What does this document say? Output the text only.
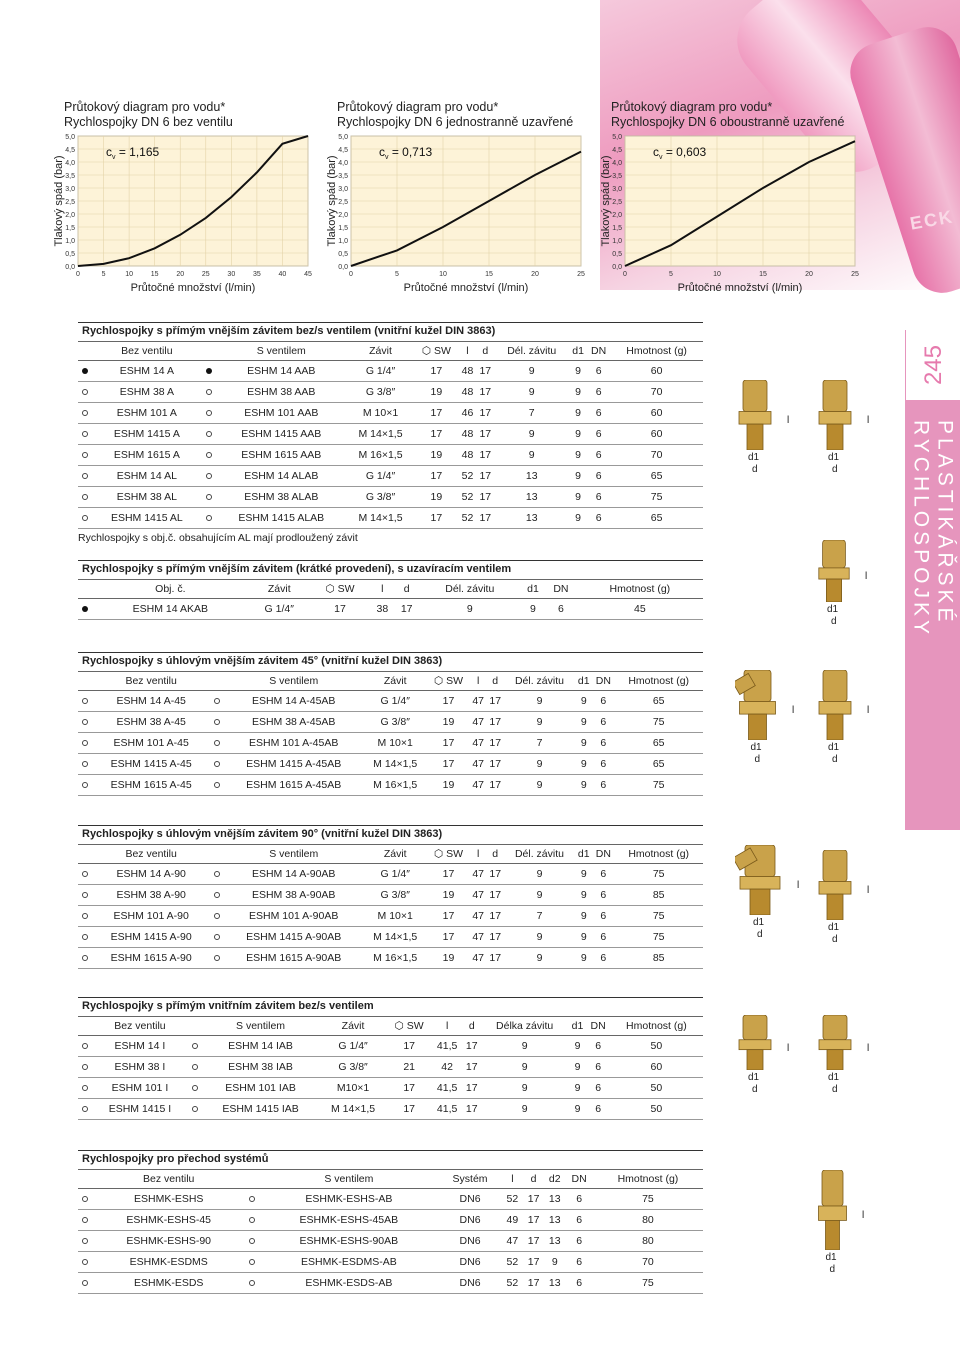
ECK
245
PLASTIKÁŘSKÉ RYCHLOSPOJKY
Průtokový diagram pro vodu*
Rychlospojky DN 6 bez ventilu
5,0
4,5
4,0
3,5
3,0
2,5
2,0
1,5
1,0
0,5
0,0
0	5	10	15	20	25	30	35	40	45
Tlakový spád (bar)
Průtočné množství (l/min)
$c_v = 1,165$
Průtokový diagram pro vodu*
Rychlospojky DN 6 jednostranně uzavřené
5,0
4,5
4,0
3,5
3,0
2,5
2,0
1,5
1,0
0,5
0,0
0	5	10	15	20	25
Tlakový spád (bar)
Průtočné množství (l/min)
$c_v = 0,713$
Průtokový diagram pro vodu*
Rychlospojky DN 6 oboustranně uzavřené
5,0
4,5
4,0
3,5
3,0
2,5
2,0
1,5
1,0
0,5
0,0
0	5	10	15	20	25
Tlakový spád (bar)
Průtočné množství (l/min)
$c_v = 0,603$
Rychlospojky s přímým vnějším závitem bez/s ventilem (vnitřní kužel DIN 3863)
	Bez ventilu		S ventilem	Závit	⬡ SW	l	d	Dél. závitu	d1	DN	Hmotnost (g)
	ESHM 14 A		ESHM 14 AAB	G 1/4″	17	48	17	9	9	6	60
	ESHM 38 A		ESHM 38 AAB	G 3/8″	19	48	17	9	9	6	70
	ESHM 101 A		ESHM 101 AAB	M 10×1	17	46	17	7	9	6	60
	ESHM 1415 A		ESHM 1415 AAB	M 14×1,5	17	48	17	9	9	6	60
	ESHM 1615 A		ESHM 1615 AAB	M 16×1,5	19	48	17	9	9	6	70
	ESHM 14 AL		ESHM 14 ALAB	G 1/4″	17	52	17	13	9	6	65
	ESHM 38 AL		ESHM 38 ALAB	G 3/8″	19	52	17	13	9	6	75
	ESHM 1415 AL		ESHM 1415 ALAB	M 14×1,5	17	52	17	13	9	6	65
Rychlospojky s obj.č. obsahujícím AL mají prodloužený závit
Rychlospojky s přímým vnějším závitem (krátké provedení), s uzavíracím ventilem
	Obj. č.	Závit	⬡ SW	l	d	Dél. závitu	d1	DN	Hmotnost (g)
	ESHM 14 AKAB	G 1/4″	17	38	17	9	9	6	45
Rychlospojky s úhlovým vnějším závitem 45° (vnitřní kužel DIN 3863)
	Bez ventilu		S ventilem	Závit	⬡ SW	l	d	Dél. závitu	d1	DN	Hmotnost (g)
	ESHM 14 A-45		ESHM 14 A-45AB	G 1/4″	17	47	17	9	9	6	65
	ESHM 38 A-45		ESHM 38 A-45AB	G 3/8″	19	47	17	9	9	6	75
	ESHM 101 A-45		ESHM 101 A-45AB	M 10×1	17	47	17	7	9	6	65
	ESHM 1415 A-45		ESHM 1415 A-45AB	M 14×1,5	17	47	17	9	9	6	65
	ESHM 1615 A-45		ESHM 1615 A-45AB	M 16×1,5	19	47	17	9	9	6	75
Rychlospojky s úhlovým vnějším závitem 90° (vnitřní kužel DIN 3863)
	Bez ventilu		S ventilem	Závit	⬡ SW	l	d	Dél. závitu	d1	DN	Hmotnost (g)
	ESHM 14 A-90		ESHM 14 A-90AB	G 1/4″	17	47	17	9	9	6	75
	ESHM 38 A-90		ESHM 38 A-90AB	G 3/8″	19	47	17	9	9	6	85
	ESHM 101 A-90		ESHM 101 A-90AB	M 10×1	17	47	17	7	9	6	75
	ESHM 1415 A-90		ESHM 1415 A-90AB	M 14×1,5	17	47	17	9	9	6	75
	ESHM 1615 A-90		ESHM 1615 A-90AB	M 16×1,5	19	47	17	9	9	6	85
Rychlospojky s přímým vnitřním závitem bez/s ventilem
	Bez ventilu		S ventilem	Závit	⬡ SW	l	d	Délka závitu	d1	DN	Hmotnost (g)
	ESHM 14 I		ESHM 14 IAB	G 1/4″	17	41,5	17	9	9	6	50
	ESHM 38 I		ESHM 38 IAB	G 3/8″	21	42	17	9	9	6	60
	ESHM 101 I		ESHM 101 IAB	M10×1	17	41,5	17	9	9	6	50
	ESHM 1415 I		ESHM 1415 IAB	M 14×1,5	17	41,5	17	9	9	6	50
Rychlospojky pro přechod systémů
	Bez ventilu		S ventilem	Systém	l	d	d2	DN	Hmotnost (g)
	ESHMK-ESHS		ESHMK-ESHS-AB	DN6	52	17	13	6	75
	ESHMK-ESHS-45		ESHMK-ESHS-45AB	DN6	49	17	13	6	80
	ESHMK-ESHS-90		ESHMK-ESHS-90AB	DN6	47	17	13	6	80
	ESHMK-ESDMS		ESHMK-ESDMS-AB	DN6	52	17	9	6	70
	ESHMK-ESDS		ESHMK-ESDS-AB	DN6	52	17	13	6	75
d1
d
l
d1
d
l
d1
d
l
d1
d
l
d1
d
l
d1
d
l
d1
d
l
d1
d
l
d1
d
l
d1
d
l
